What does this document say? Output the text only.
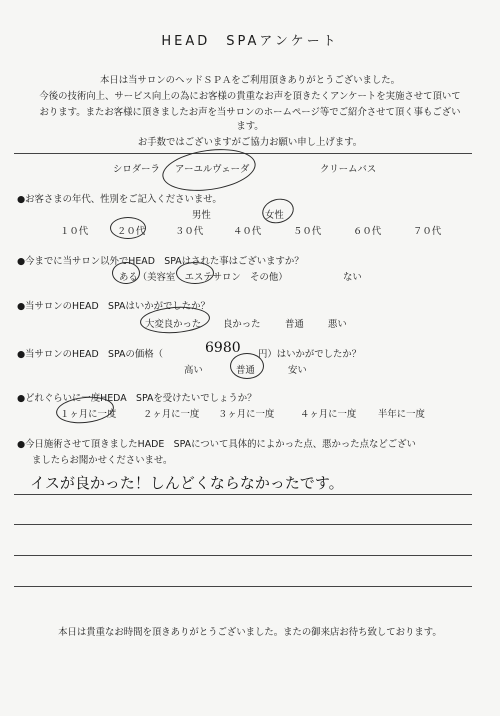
HEAD　SPAアンケート
本日は当サロンのヘッドＳＰＡをご利用頂きありがとうございました。
今後の技術向上、サービス向上の為にお客様の貴重なお声を頂きたくアンケートを実施させて頂いて
おります。またお客様に頂きましたお声を当サロンのホームページ等でご紹介させて頂く事もござい
ます。
お手数ではございますがご協力お願い申し上げます。
シロダーラ アーユルヴェーダ	クリームバス
●お客さまの年代、性別をご記入くださいませ。
男性	女性
１０代	２０代	３０代	４０代	５０代	６０代	７０代
●今までに当サロン以外でHEAD　SPAはされた事はございますか？
ある（美容室　エステサロン　その他）	ない
●当サロンのHEAD　SPAはいかがでしたか？
大変良かった 良かった	普通	悪い
●当サロンのHEAD　SPAの価格（	6980 円）はいかがでしたか？
高い	普通	安い
●どれぐらいに一度HEDA　SPAを受けたいでしょうか？
１ヶ月に一度	２ヶ月に一度 ３ヶ月に一度	４ヶ月に一度 半年に一度
●今日施術させて頂きましたHADE　SPAについて具体的によかった点、悪かった点などござい
ましたらお聞かせくださいませ。
イスが良かった！しんどくならなかったです。
本日は貴重なお時間を頂きありがとうございました。またの御来店お待ち致しております。
